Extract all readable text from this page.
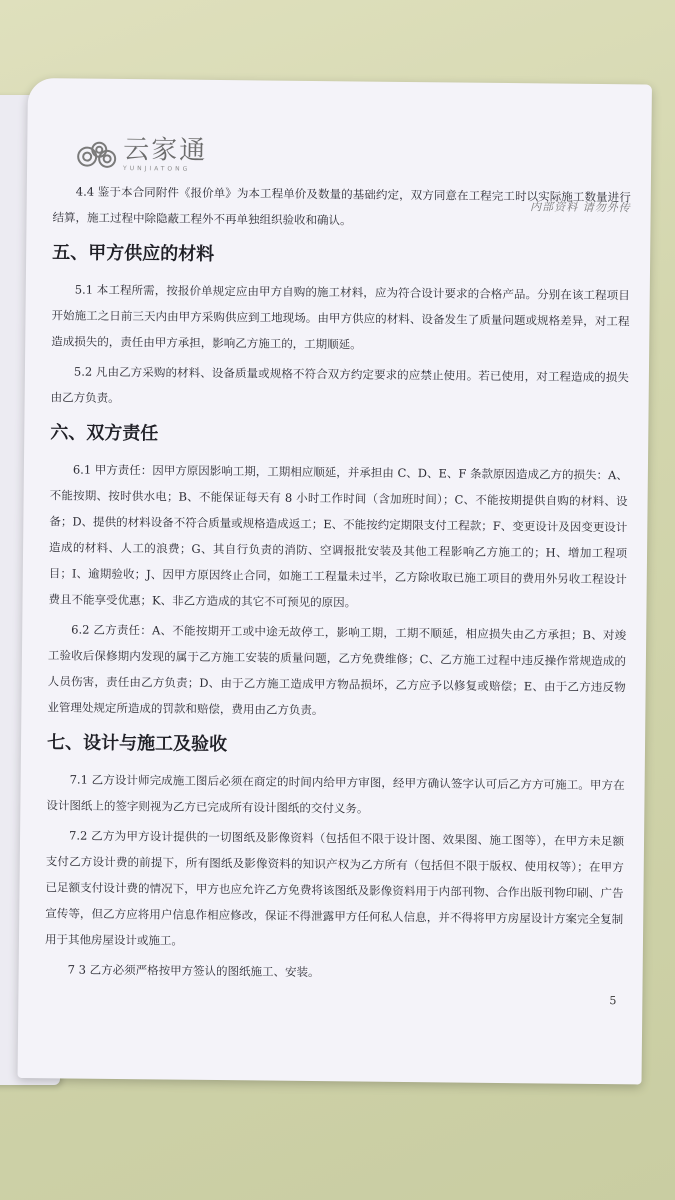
云家通
YUNJIATONG
内部资料 请勿外传

4.4 鉴于本合同附件《报价单》为本工程单价及数量的基础约定，双方同意在工程完工时以实际施工数量进行结算，施工过程中除隐蔽工程外不再单独组织验收和确认。

五、甲方供应的材料

5.1 本工程所需，按报价单规定应由甲方自购的施工材料，应为符合设计要求的合格产品。分别在该工程项目开始施工之日前三天内由甲方采购供应到工地现场。由甲方供应的材料、设备发生了质量问题或规格差异，对工程造成损失的，责任由甲方承担，影响乙方施工的，工期顺延。

5.2 凡由乙方采购的材料、设备质量或规格不符合双方约定要求的应禁止使用。若已使用，对工程造成的损失由乙方负责。

六、双方责任

6.1 甲方责任：因甲方原因影响工期，工期相应顺延，并承担由 C、D、E、F 条款原因造成乙方的损失：A、不能按期、按时供水电；B、不能保证每天有 8 小时工作时间（含加班时间）；C、不能按期提供自购的材料、设备；D、提供的材料设备不符合质量或规格造成返工；E、不能按约定期限支付工程款；F、变更设计及因变更设计造成的材料、人工的浪费；G、其自行负责的消防、空调报批安装及其他工程影响乙方施工的；H、增加工程项目；I、逾期验收；J、因甲方原因终止合同，如施工工程量未过半，乙方除收取已施工项目的费用外另收工程设计费且不能享受优惠；K、非乙方造成的其它不可预见的原因。

6.2 乙方责任：A、不能按期开工或中途无故停工，影响工期，工期不顺延，相应损失由乙方承担；B、对竣工验收后保修期内发现的属于乙方施工安装的质量问题，乙方免费维修；C、乙方施工过程中违反操作常规造成的人员伤害，责任由乙方负责；D、由于乙方施工造成甲方物品损坏，乙方应予以修复或赔偿；E、由于乙方违反物业管理处规定所造成的罚款和赔偿，费用由乙方负责。

七、设计与施工及验收

7.1 乙方设计师完成施工图后必须在商定的时间内给甲方审图，经甲方确认签字认可后乙方方可施工。甲方在设计图纸上的签字则视为乙方已完成所有设计图纸的交付义务。

7.2 乙方为甲方设计提供的一切图纸及影像资料（包括但不限于设计图、效果图、施工图等），在甲方未足额支付乙方设计费的前提下，所有图纸及影像资料的知识产权为乙方所有（包括但不限于版权、使用权等）；在甲方已足额支付设计费的情况下，甲方也应允许乙方免费将该图纸及影像资料用于内部刊物、合作出版刊物印刷、广告宣传等，但乙方应将用户信息作相应修改，保证不得泄露甲方任何私人信息，并不得将甲方房屋设计方案完全复制用于其他房屋设计或施工。

7 3 乙方必须严格按甲方签认的图纸施工、安装。

5
